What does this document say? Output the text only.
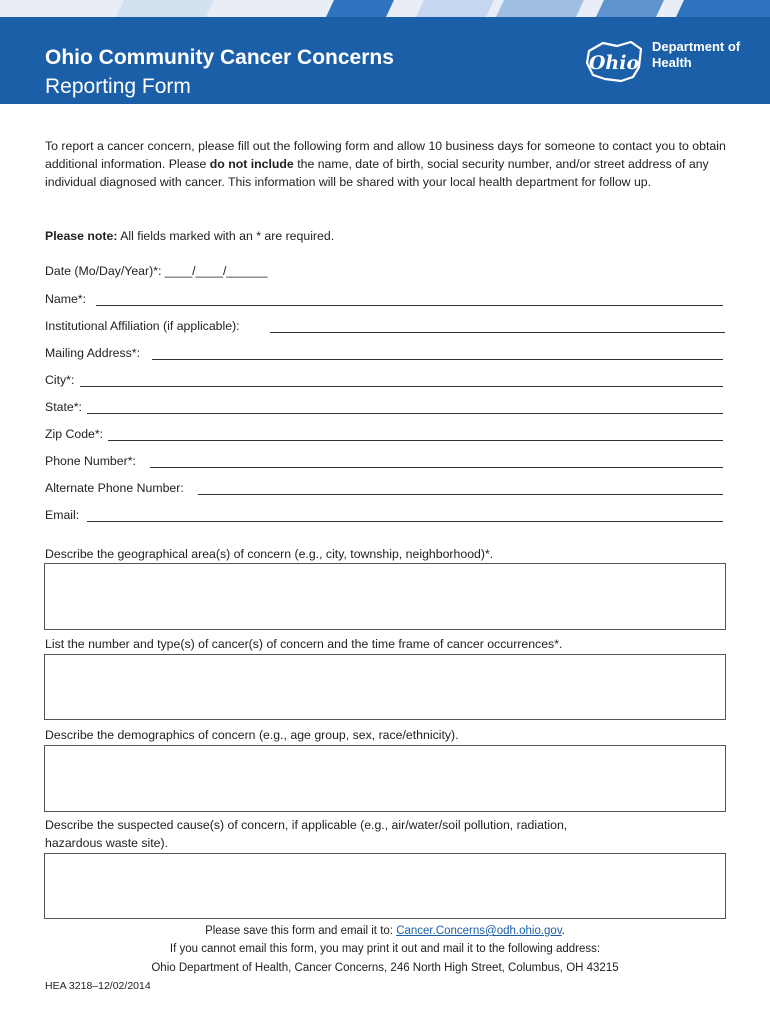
Ohio Community Cancer Concerns
Reporting Form
Ohio
Department of
Health
To report a cancer concern, please fill out the following form and allow 10 business days for someone to contact you to obtain additional information. Please do not include the name, date of birth, social security number, and/or street address of any individual diagnosed with cancer. This information will be shared with your local health department for follow up.
Please note: All fields marked with an * are required.
Date (Mo/Day/Year)*: ____/____/______
Name*:
Institutional Affiliation (if applicable):
Mailing Address*:
City*:
State*:
Zip Code*:
Phone Number*:
Alternate Phone Number:
Email:
Describe the geographical area(s) of concern (e.g., city, township, neighborhood)*.
List the number and type(s) of cancer(s) of concern and the time frame of cancer occurrences*.
Describe the demographics of concern (e.g., age group, sex, race/ethnicity).
Describe the suspected cause(s) of concern, if applicable (e.g., air/water/soil pollution, radiation,
hazardous waste site).
Please save this form and email it to: Cancer.Concerns@odh.ohio.gov.
If you cannot email this form, you may print it out and mail it to the following address:
Ohio Department of Health, Cancer Concerns, 246 North High Street, Columbus, OH 43215
HEA 3218–12/02/2014
